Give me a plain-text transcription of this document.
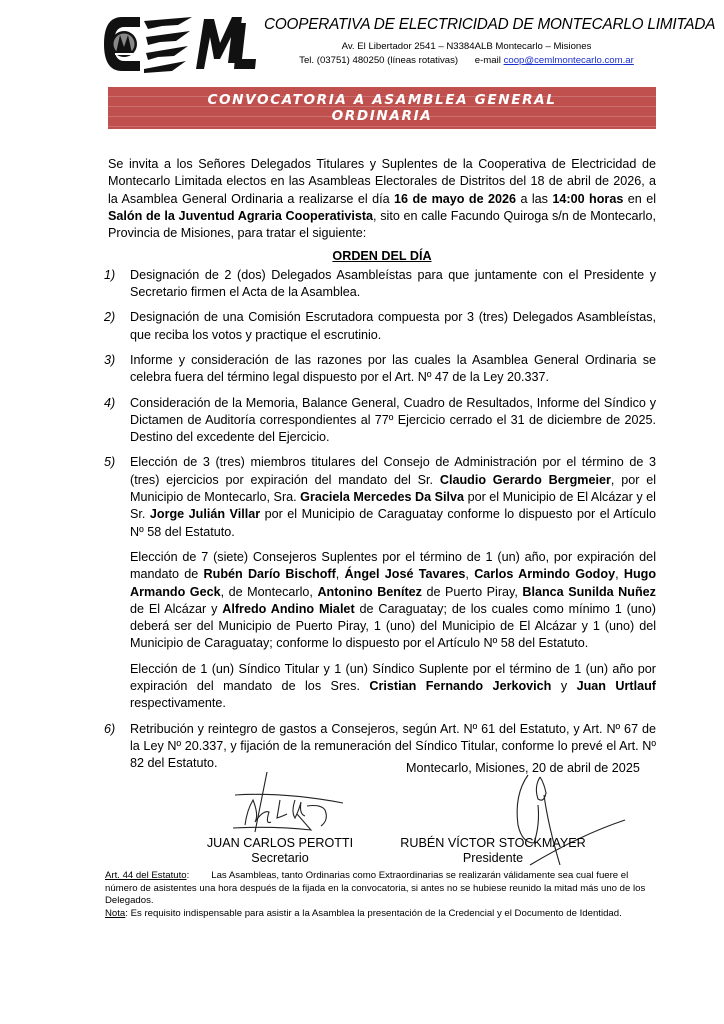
COOPERATIVA DE ELECTRICIDAD DE MONTECARLO LIMITADA
Av. El Libertador 2541 – N3384ALB Montecarlo – Misiones
Tel. (03751) 480250 (líneas rotativas) e-mail coop@cemlmontecarlo.com.ar
CONVOCATORIA A ASAMBLEA GENERAL
ORDINARIA

Se invita a los Señores Delegados Titulares y Suplentes de la Cooperativa de Electricidad de Montecarlo Limitada electos en las Asambleas Electorales de Distritos del 18 de abril de 2026, a la Asamblea General Ordinaria a realizarse el día 16 de mayo de 2026 a las 14:00 horas en el Salón de la Juventud Agraria Cooperativista, sito en calle Facundo Quiroga s/n de Montecarlo, Provincia de Misiones, para tratar el siguiente:

ORDEN DEL DÍA
1) Designación de 2 (dos) Delegados Asambleístas para que juntamente con el Presidente y Secretario firmen el Acta de la Asamblea.
2) Designación de una Comisión Escrutadora compuesta por 3 (tres) Delegados Asambleístas, que reciba los votos y practique el escrutinio.
3) Informe y consideración de las razones por las cuales la Asamblea General Ordinaria se celebra fuera del término legal dispuesto por el Art. Nº 47 de la Ley 20.337.
4) Consideración de la Memoria, Balance General, Cuadro de Resultados, Informe del Síndico y Dictamen de Auditoría correspondientes al 77º Ejercicio cerrado el 31 de diciembre de 2025. Destino del excedente del Ejercicio.
5) Elección de 3 (tres) miembros titulares del Consejo de Administración por el término de 3 (tres) ejercicios por expiración del mandato del Sr. Claudio Gerardo Bergmeier, por el Municipio de Montecarlo, Sra. Graciela Mercedes Da Silva por el Municipio de El Alcázar y el Sr. Jorge Julián Villar por el Municipio de Caraguatay conforme lo dispuesto por el Artículo Nº 58 del Estatuto.
Elección de 7 (siete) Consejeros Suplentes por el término de 1 (un) año, por expiración del mandato de Rubén Darío Bischoff, Ángel José Tavares, Carlos Armindo Godoy, Hugo Armando Geck, de Montecarlo, Antonino Benítez de Puerto Piray, Blanca Sunilda Nuñez de El Alcázar y Alfredo Andino Mialet de Caraguatay; de los cuales como mínimo 1 (uno) deberá ser del Municipio de Puerto Piray, 1 (uno) del Municipio de El Alcázar y 1 (uno) del Municipio de Caraguatay; conforme lo dispuesto por el Artículo Nº 58 del Estatuto.
Elección de 1 (un) Síndico Titular y 1 (un) Síndico Suplente por el término de 1 (un) año por expiración del mandato de los Sres. Cristian Fernando Jerkovich y Juan Urtlauf respectivamente.
6) Retribución y reintegro de gastos a Consejeros, según Art. Nº 61 del Estatuto, y Art. Nº 67 de la Ley Nº 20.337, y fijación de la remuneración del Síndico Titular, conforme lo prevé el Art. Nº 82 del Estatuto.	Montecarlo, Misiones, 20 de abril de 2025
JUAN CARLOS PEROTTI
Secretario
RUBÉN VÍCTOR STOCKMAYER
Presidente

Art. 44 del Estatuto: Las Asambleas, tanto Ordinarias como Extraordinarias se realizarán válidamente sea cual fuere el número de asistentes una hora después de la fijada en la convocatoria, si antes no se hubiese reunido la mitad más uno de los Delegados.

Nota: Es requisito indispensable para asistir a la Asamblea la presentación de la Credencial y el Documento de Identidad.
